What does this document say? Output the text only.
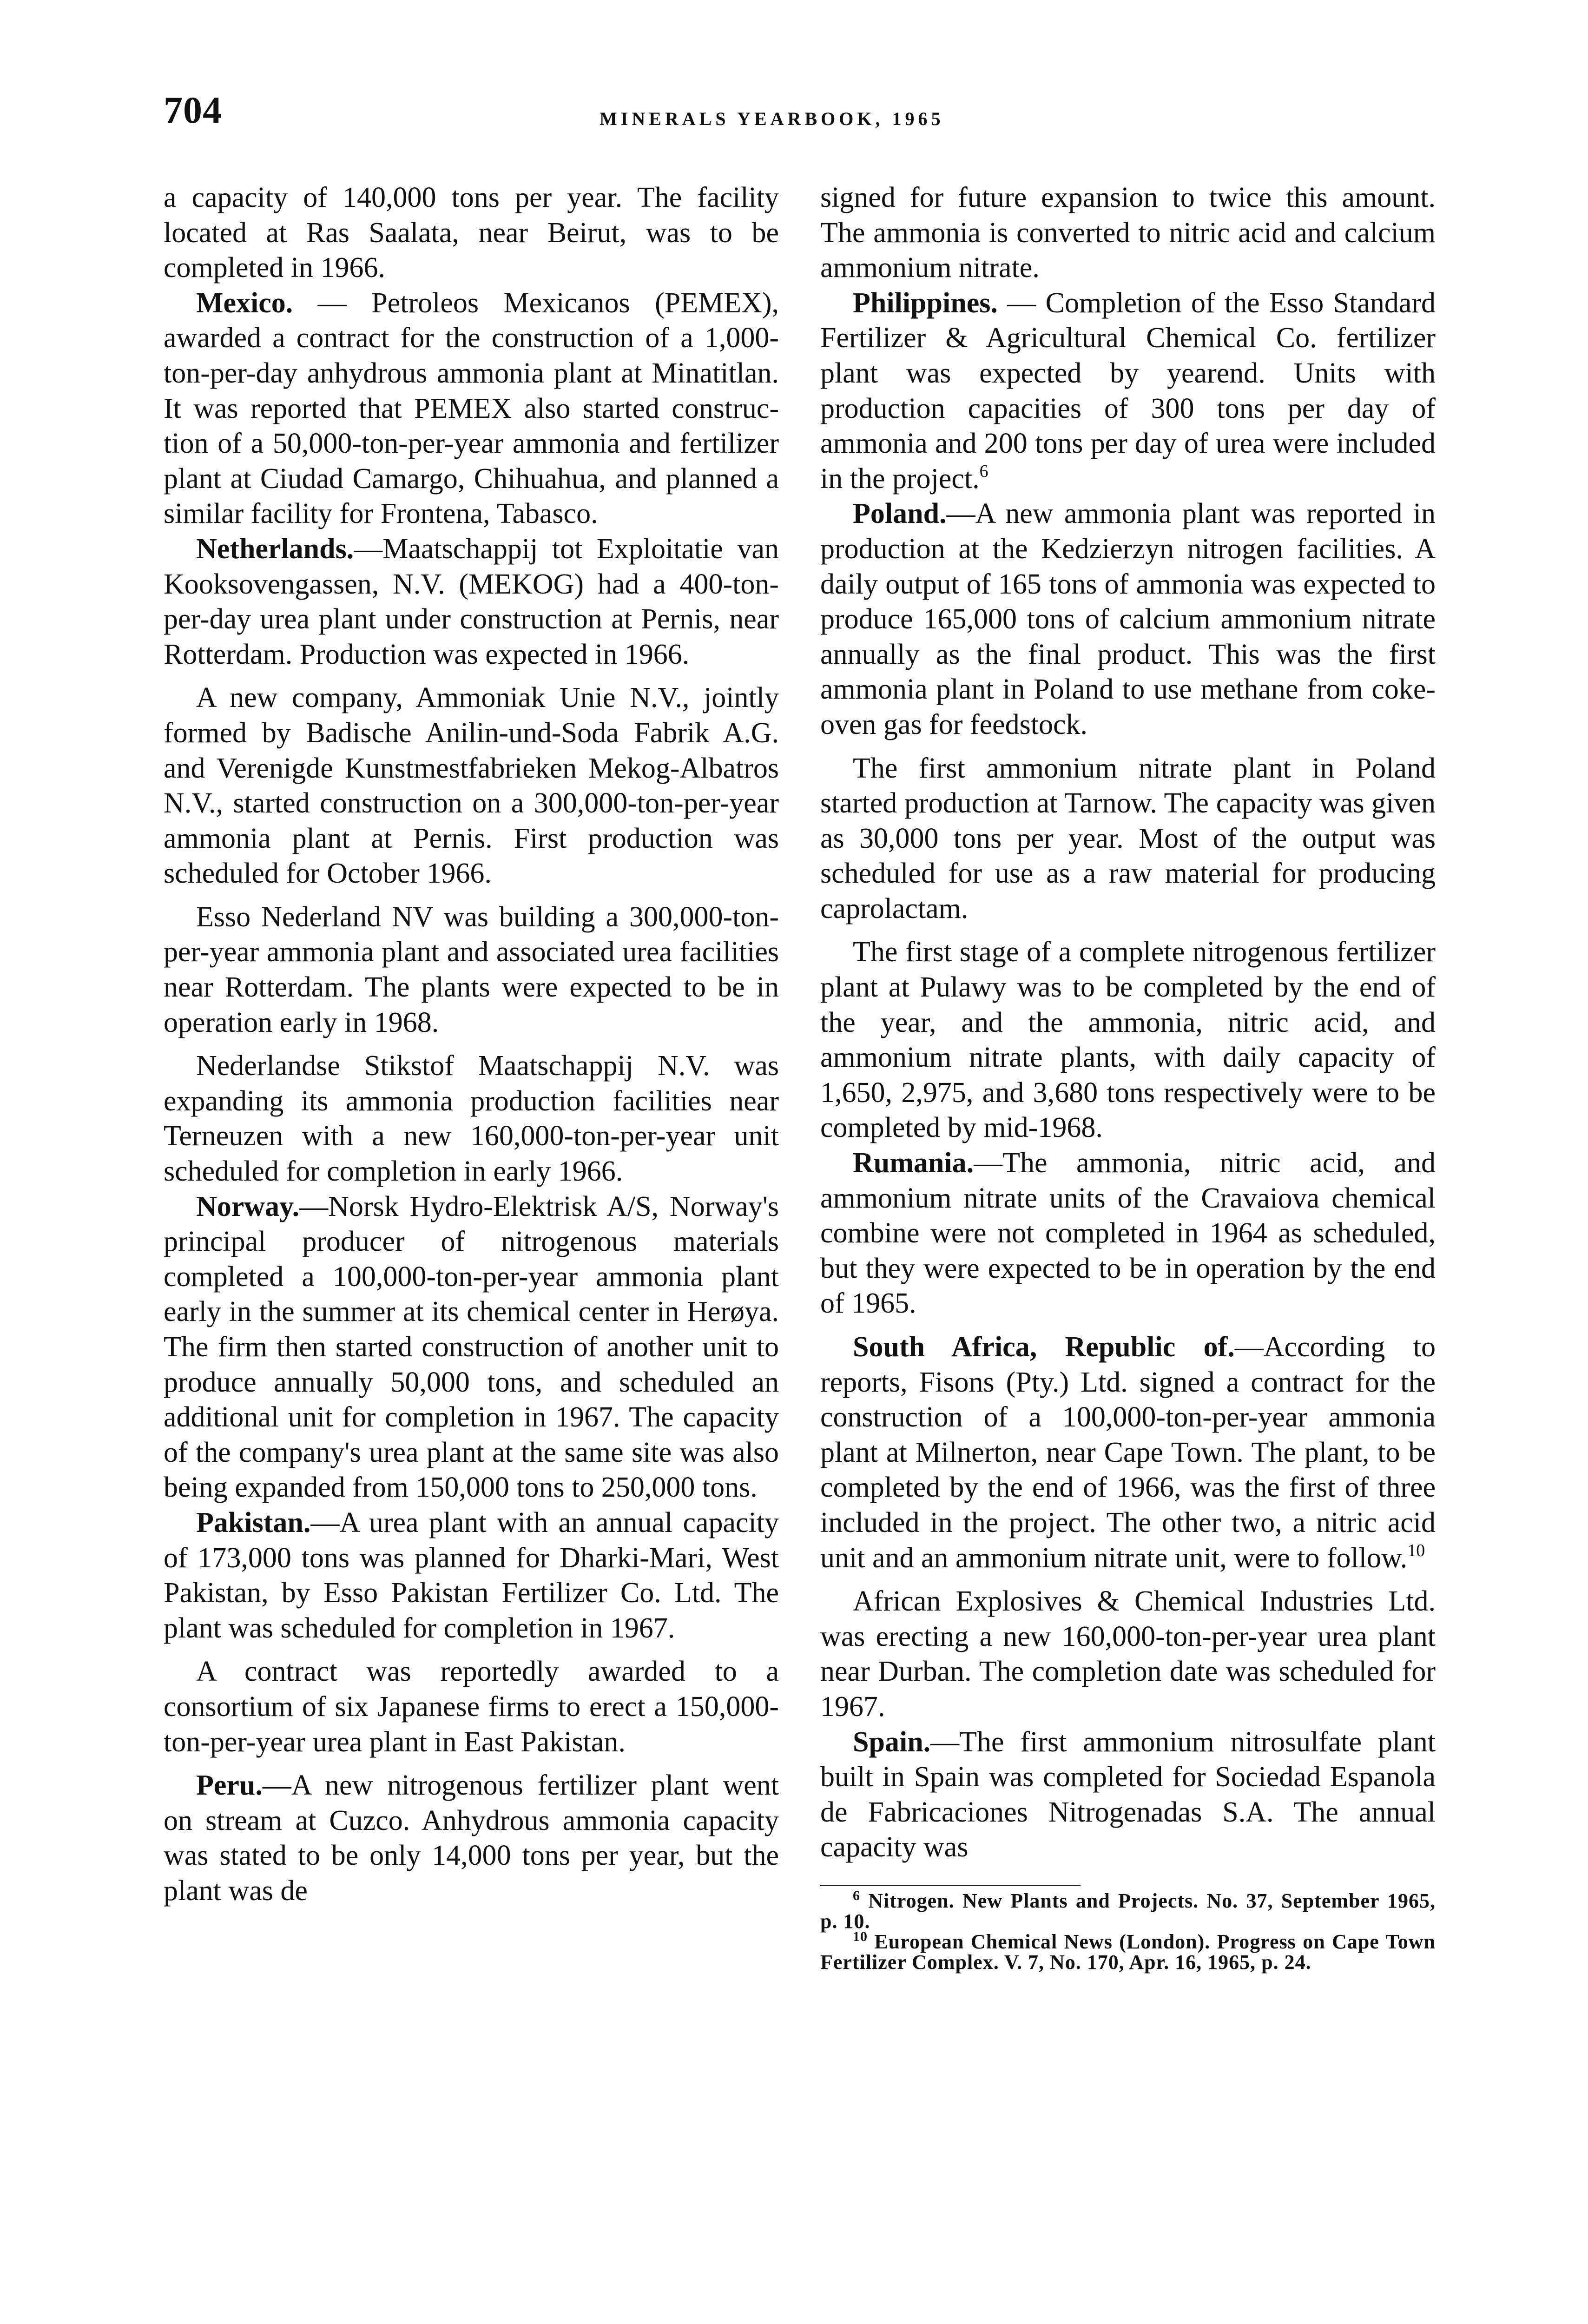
704	MINERALS YEARBOOK, 1965

a capacity of 140,000 tons per year. The facility located at Ras Saalata, near Beirut, was to be completed in 1966.

Mexico. — Petroleos Mexicanos (PEMEX), awarded a contract for the construction of a 1,000-ton-per-day anhydrous ammonia plant at Minatitlan. It was reported that PEMEX also started construction of a 50,000-ton-per-year ammonia and fertilizer plant at Ciudad Camargo, Chihuahua, and planned a similar facility for Frontena, Tabasco.

Netherlands.—Maatschappij tot Exploitatie van Kooksovengassen, N.V. (MEKOG) had a 400-ton-per-day urea plant under construction at Pernis, near Rotterdam. Production was expected in 1966.

A new company, Ammoniak Unie N.V., jointly formed by Badische Anilin-und-Soda Fabrik A.G. and Verenigde Kunstmestfabrieken Mekog-Albatros N.V., started construction on a 300,000-ton-per-year ammonia plant at Pernis. First production was scheduled for October 1966.

Esso Nederland NV was building a 300,000-ton-per-year ammonia plant and associated urea facilities near Rotterdam. The plants were expected to be in operation early in 1968.

Nederlandse Stikstof Maatschappij N.V. was expanding its ammonia production facilities near Terneuzen with a new 160,000-ton-per-year unit scheduled for completion in early 1966.

Norway.—Norsk Hydro-Elektrisk A/S, Norway's principal producer of nitrogenous materials completed a 100,000-ton-per-year ammonia plant early in the summer at its chemical center in Herøya. The firm then started construction of another unit to produce annually 50,000 tons, and scheduled an additional unit for completion in 1967. The capacity of the company's urea plant at the same site was also being expanded from 150,000 tons to 250,000 tons.

Pakistan.—A urea plant with an annual capacity of 173,000 tons was planned for Dharki-Mari, West Pakistan, by Esso Pakistan Fertilizer Co. Ltd. The plant was scheduled for completion in 1967.

A contract was reportedly awarded to a consortium of six Japanese firms to erect a 150,000-ton-per-year urea plant in East Pakistan.

Peru.—A new nitrogenous fertilizer plant went on stream at Cuzco. Anhydrous ammonia capacity was stated to be only 14,000 tons per year, but the plant was de

signed for future expansion to twice this amount. The ammonia is converted to nitric acid and calcium ammonium nitrate.

Philippines. — Completion of the Esso Standard Fertilizer & Agricultural Chemical Co. fertilizer plant was expected by yearend. Units with production capacities of 300 tons per day of ammonia and 200 tons per day of urea were included in the project.$^6$

Poland.—A new ammonia plant was reported in production at the Kedzierzyn nitrogen facilities. A daily output of 165 tons of ammonia was expected to produce 165,000 tons of calcium ammonium nitrate annually as the final product. This was the first ammonia plant in Poland to use methane from coke-oven gas for feedstock.

The first ammonium nitrate plant in Poland started production at Tarnow. The capacity was given as 30,000 tons per year. Most of the output was scheduled for use as a raw material for producing caprolactam.

The first stage of a complete nitrogenous fertilizer plant at Pulawy was to be completed by the end of the year, and the ammonia, nitric acid, and ammonium nitrate plants, with daily capacity of 1,650, 2,975, and 3,680 tons respectively were to be completed by mid-1968.

Rumania.—The ammonia, nitric acid, and ammonium nitrate units of the Cravaiova chemical combine were not completed in 1964 as scheduled, but they were expected to be in operation by the end of 1965.

South Africa, Republic of.—According to reports, Fisons (Pty.) Ltd. signed a contract for the construction of a 100,000-ton-per-year ammonia plant at Milnerton, near Cape Town. The plant, to be completed by the end of 1966, was the first of three included in the project. The other two, a nitric acid unit and an ammonium nitrate unit, were to follow.$^{10}$

African Explosives & Chemical Industries Ltd. was erecting a new 160,000-ton-per-year urea plant near Durban. The completion date was scheduled for 1967.

Spain.—The first ammonium nitrosulfate plant built in Spain was completed for Sociedad Espanola de Fabricaciones Nitrogenadas S.A. The annual capacity was

$^6$ Nitrogen. New Plants and Projects. No. 37, September 1965, p. 10.

$^{10}$ European Chemical News (London). Progress on Cape Town Fertilizer Complex. V. 7, No. 170, Apr. 16, 1965, p. 24.
